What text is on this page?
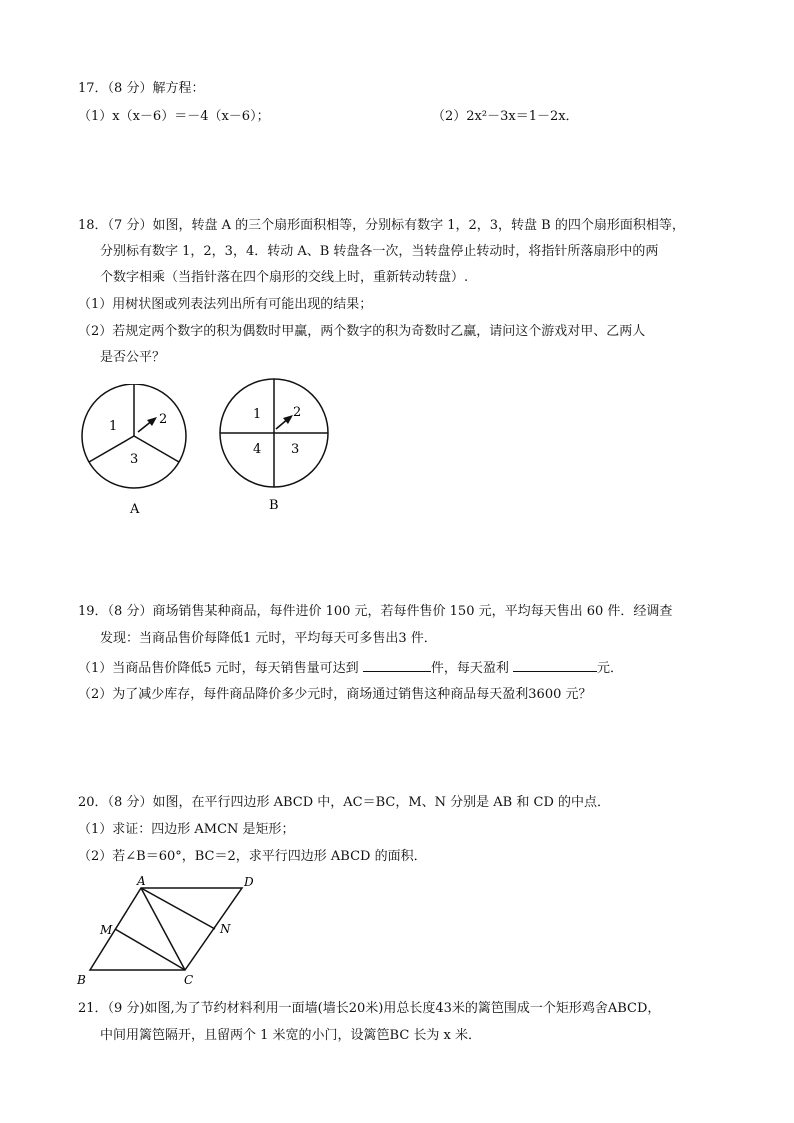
17．（8 分）解方程：
（1）x（x－6）＝－4（x－6）；	（2）2x²－3x＝1－2x．
18．（7 分）如图，转盘 A 的三个扇形面积相等，分别标有数字 1，2，3，转盘 B 的四个扇形面积相等，
分别标有数字 1，2，3，4．转动 A、B 转盘各一次，当转盘停止转动时，将指针所落扇形中的两
个数字相乘（当指针落在四个扇形的交线上时，重新转动转盘）.
（1）用树状图或列表法列出所有可能出现的结果；
（2）若规定两个数字的积为偶数时甲赢，两个数字的积为奇数时乙赢，请问这个游戏对甲、乙两人
是否公平？
1	2
3
A
1 2
4 3
B
19．（8 分）商场销售某种商品，每件进价 100 元，若每件售价 150 元，平均每天售出 60 件．经调查
发现：当商品售价每降低1 元时，平均每天可多售出3 件．
（1）当商品售价降低5 元时，每天销售量可达到	件，每天盈利	元．
（2）为了减少库存，每件商品降价多少元时，商场通过销售这种商品每天盈利3600 元？
20．（8 分）如图，在平行四边形 ABCD 中，AC＝BC，M、N 分别是 AB 和 CD 的中点．
（1）求证：四边形 AMCN 是矩形；
（2）若∠B＝60°，BC＝2，求平行四边形 ABCD 的面积．
A	D
M	N
B	C
21．（9 分)如图,为了节约材料利用一面墙(墙长20米)用总长度43米的篱笆围成一个矩形鸡舍ABCD，
中间用篱笆隔开，且留两个 1 米宽的小门，设篱笆BC 长为 x 米．
